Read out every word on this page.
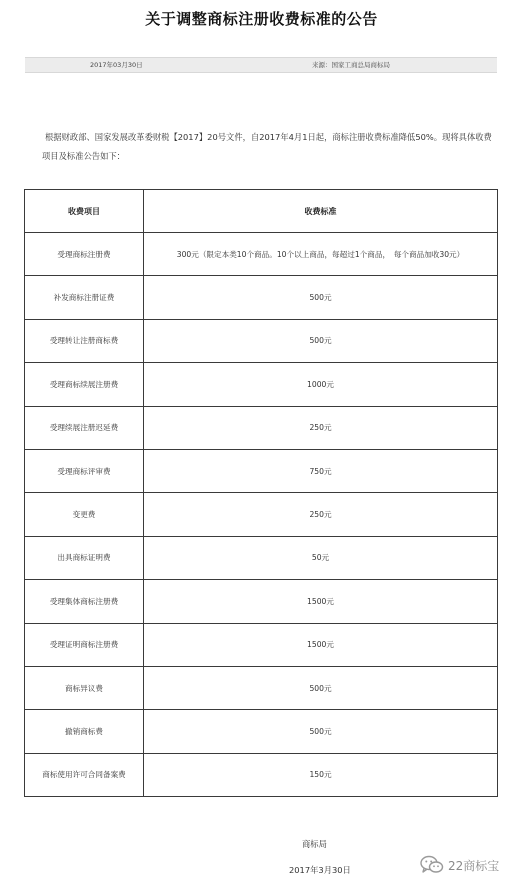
关于调整商标注册收费标准的公告
2017年03月30日	来源：国家工商总局商标局

根据财政部、国家发展改革委财税【2017】20号文件，自2017年4月1日起，商标注册收费标准降低50%。现将具体收费项目及标准公告如下：

收费项目	收费标准
受理商标注册费	300元（限定本类10个商品。10个以上商品，每超过1个商品，　每个商品加收30元）
补发商标注册证费	500元
受理转让注册商标费	500元
受理商标续展注册费	1000元
受理续展注册迟延费	250元
受理商标评审费	750元
变更费	250元
出具商标证明费	50元
受理集体商标注册费	1500元
受理证明商标注册费	1500元
商标异议费	500元
撤销商标费	500元
商标使用许可合同备案费	150元
商标局
2017年3月30日	22商标宝
